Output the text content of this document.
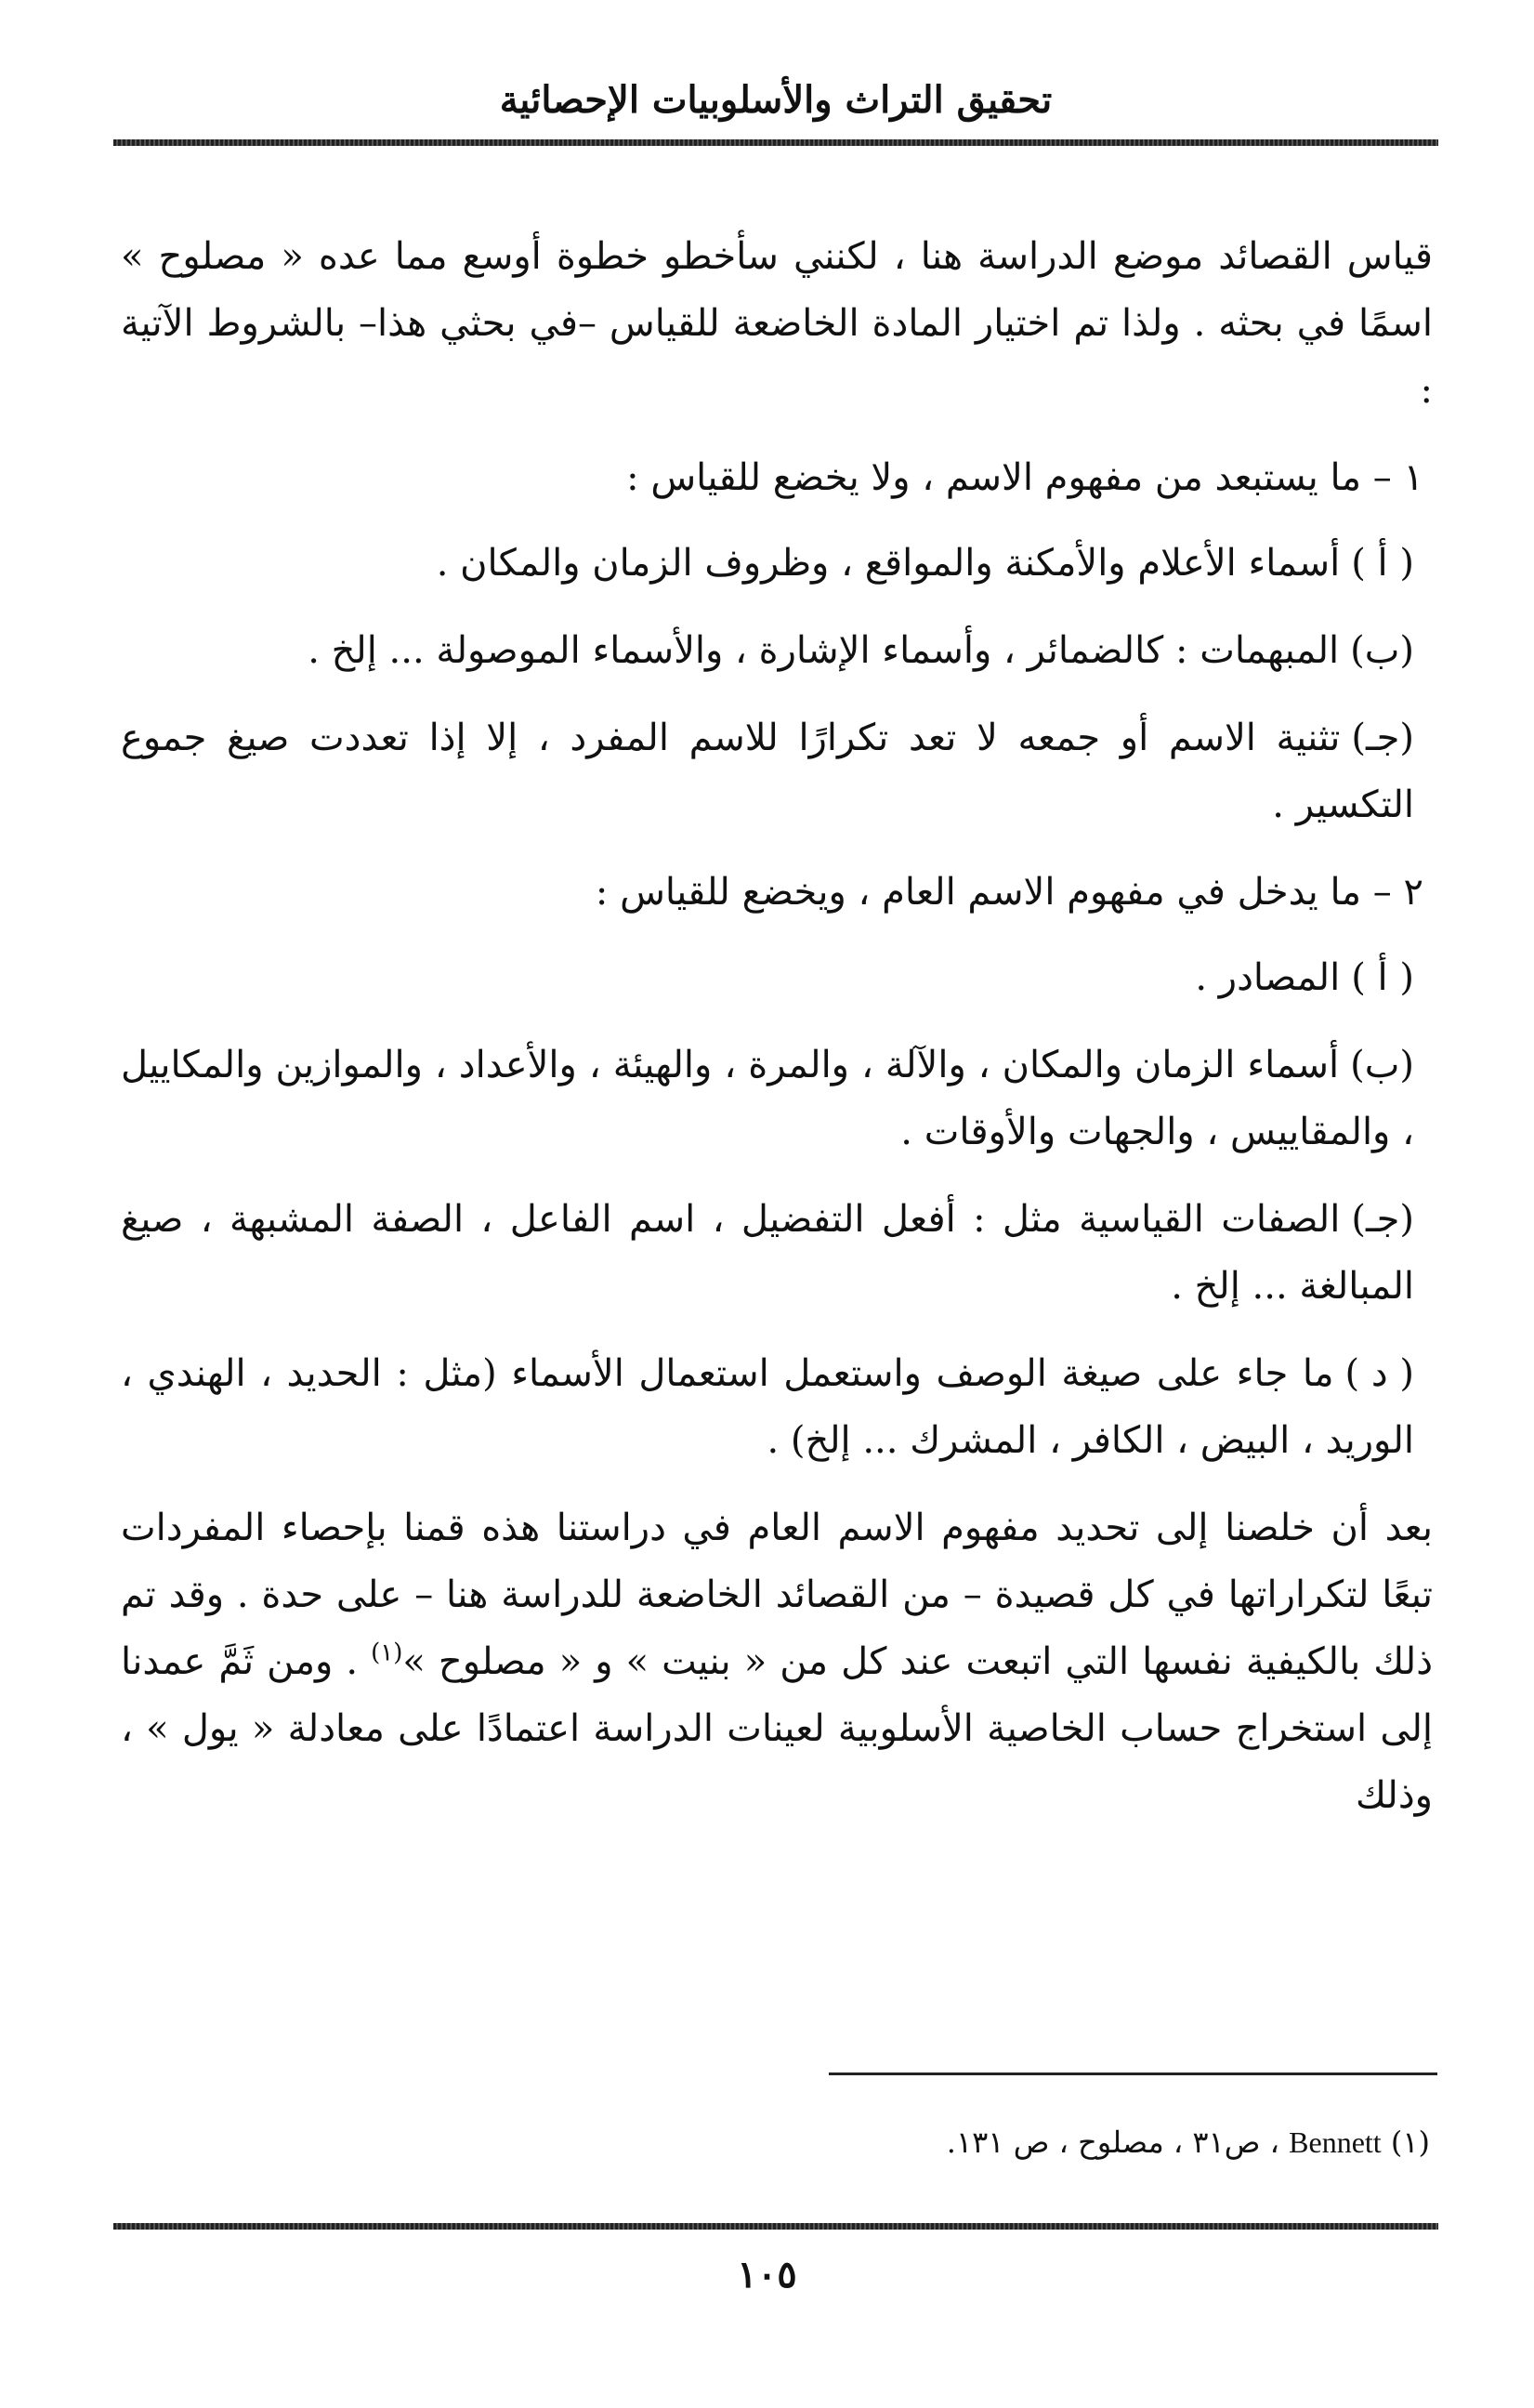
تحقيق التراث والأسلوبيات الإحصائية

قياس القصائد موضع الدراسة هنا ، لكنني سأخطو خطوة أوسع مما عده « مصلوح » اسمًا في بحثه . ولذا تم اختيار المادة الخاضعة للقياس –في بحثي هذا– بالشروط الآتية :

١ – ما يستبعد من مفهوم الاسم ، ولا يخضع للقياس :

( أ )أسماء الأعلام والأمكنة والمواقع ، وظروف الزمان والمكان .
(ب)المبهمات : كالضمائر ، وأسماء الإشارة ، والأسماء الموصولة ... إلخ .
(جـ)تثنية الاسم أو جمعه لا تعد تكرارًا للاسم المفرد ، إلا إذا تعددت صيغ جموع التكسير .

٢ – ما يدخل في مفهوم الاسم العام ، ويخضع للقياس :

( أ )المصادر .
(ب)أسماء الزمان والمكان ، والآلة ، والمرة ، والهيئة ، والأعداد ، والموازين والمكاييل ، والمقاييس ، والجهات والأوقات .
(جـ)الصفات القياسية مثل : أفعل التفضيل ، اسم الفاعل ، الصفة المشبهة ، صيغ المبالغة ... إلخ .
( د )ما جاء على صيغة الوصف واستعمل استعمال الأسماء (مثل : الحديد ، الهندي ، الوريد ، البيض ، الكافر ، المشرك ... إلخ) .

بعد أن خلصنا إلى تحديد مفهوم الاسم العام في دراستنا هذه قمنا بإحصاء المفردات تبعًا لتكراراتها في كل قصيدة – من القصائد الخاضعة للدراسة هنا – على حدة . وقد تم ذلك بالكيفية نفسها التي اتبعت عند كل من « بنيت » و « مصلوح »$^{(١)}$ . ومن ثَمَّ عمدنا إلى استخراج حساب الخاصية الأسلوبية لعينات الدراسة اعتمادًا على معادلة « يول » ، وذلك

(١) Bennett ، ص٣١ ، مصلوح ، ص ١٣١.
١٠٥
